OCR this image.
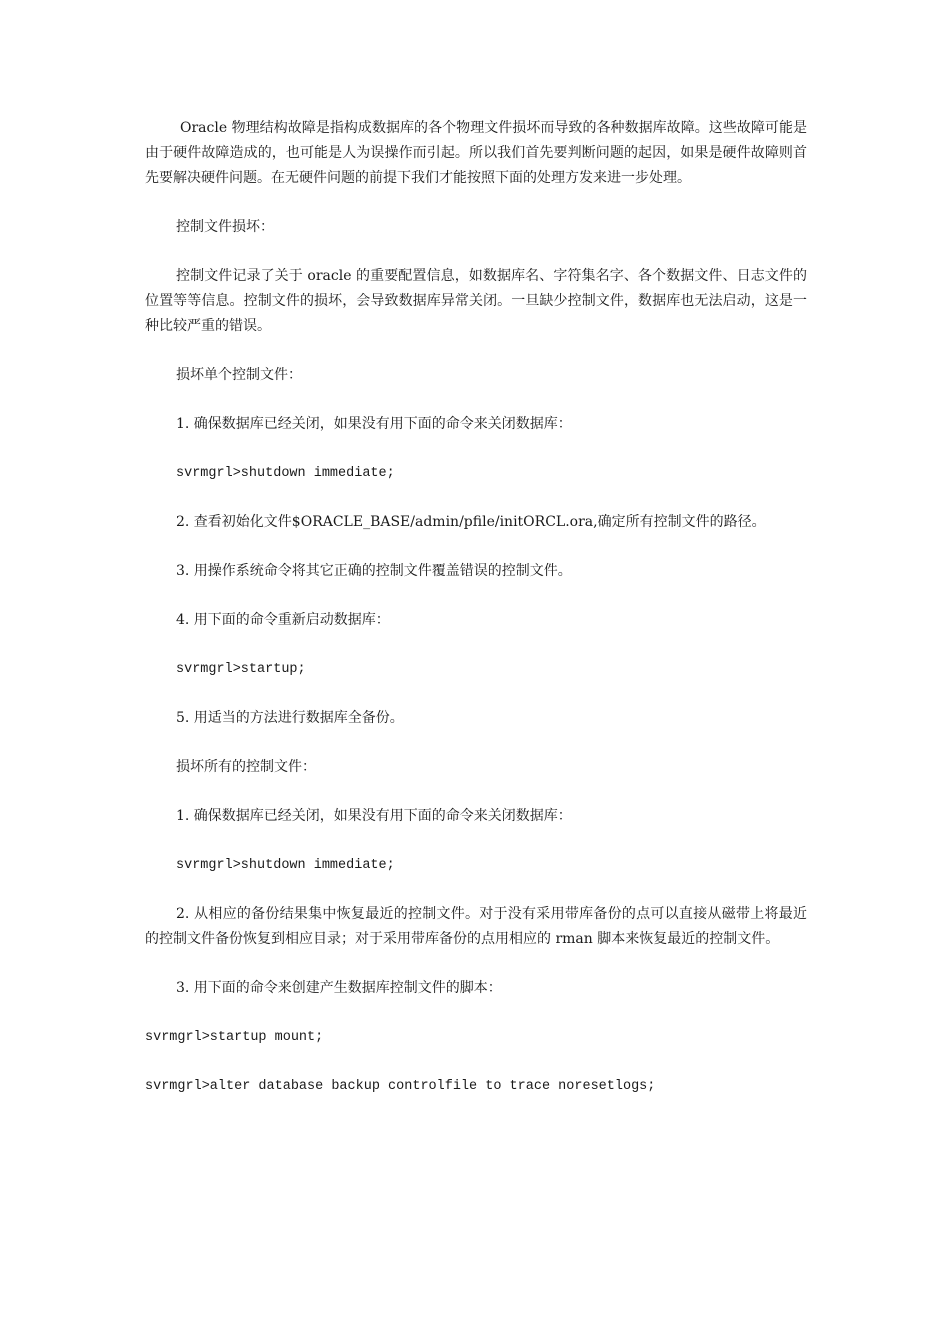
Oracle 物理结构故障是指构成数据库的各个物理文件损坏而导致的各种数据库故障。这些故障可能是由于硬件故障造成的，也可能是人为误操作而引起。所以我们首先要判断问题的起因，如果是硬件故障则首先要解决硬件问题。在无硬件问题的前提下我们才能按照下面的处理方发来进一步处理。

控制文件损坏：

控制文件记录了关于 oracle 的重要配置信息，如数据库名、字符集名字、各个数据文件、日志文件的位置等等信息。控制文件的损坏，会导致数据库异常关闭。一旦缺少控制文件，数据库也无法启动，这是一种比较严重的错误。

损坏单个控制文件：

1. 确保数据库已经关闭，如果没有用下面的命令来关闭数据库：

svrmgrl>shutdown immediate;

2. 查看初始化文件$ORACLE_BASE/admin/pfile/initORCL.ora,确定所有控制文件的路径。

3. 用操作系统命令将其它正确的控制文件覆盖错误的控制文件。

4. 用下面的命令重新启动数据库：

svrmgrl>startup;

5. 用适当的方法进行数据库全备份。

损坏所有的控制文件：

1. 确保数据库已经关闭，如果没有用下面的命令来关闭数据库：

svrmgrl>shutdown immediate;

2. 从相应的备份结果集中恢复最近的控制文件。对于没有采用带库备份的点可以直接从磁带上将最近的控制文件备份恢复到相应目录；对于采用带库备份的点用相应的 rman 脚本来恢复最近的控制文件。

3. 用下面的命令来创建产生数据库控制文件的脚本：

svrmgrl>startup mount;

svrmgrl>alter database backup controlfile to trace noresetlogs;
